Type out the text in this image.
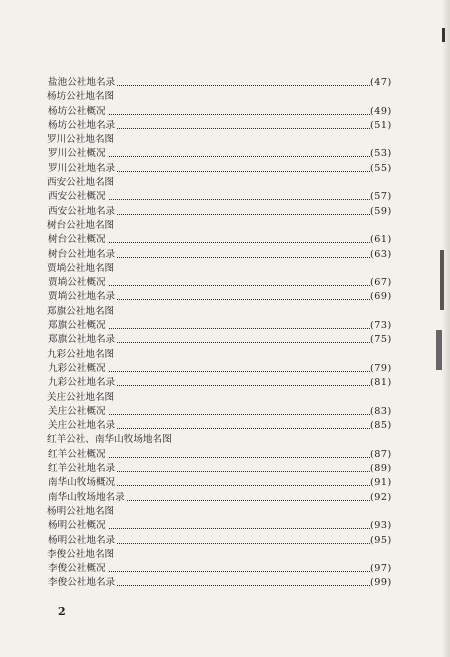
盐池公社地名录	(47)
杨坊公社地名图
杨坊公社概况	(49)
杨坊公社地名录	(51)
罗川公社地名图
罗川公社概况	(53)
罗川公社地名录	(55)
西安公社地名图
西安公社概况	(57)
西安公社地名录	(59)
树台公社地名图
树台公社概况	(61)
树台公社地名录	(63)
贾埫公社地名图
贾埫公社概况	(67)
贾埫公社地名录	(69)
郑旗公社地名图
郑旗公社概况	(73)
郑旗公社地名录	(75)
九彩公社地名图
九彩公社概况	(79)
九彩公社地名录	(81)
关庄公社地名图
关庄公社概况	(83)
关庄公社地名录	(85)
红羊公社、南华山牧场地名图
红羊公社概况	(87)
红羊公社地名录	(89)
南华山牧场概况	(91)
南华山牧场地名录	(92)
杨明公社地名图
杨明公社概况	(93)
杨明公社地名录	(95)
李俊公社地名图
李俊公社概况	(97)
李俊公社地名录	(99)
2
